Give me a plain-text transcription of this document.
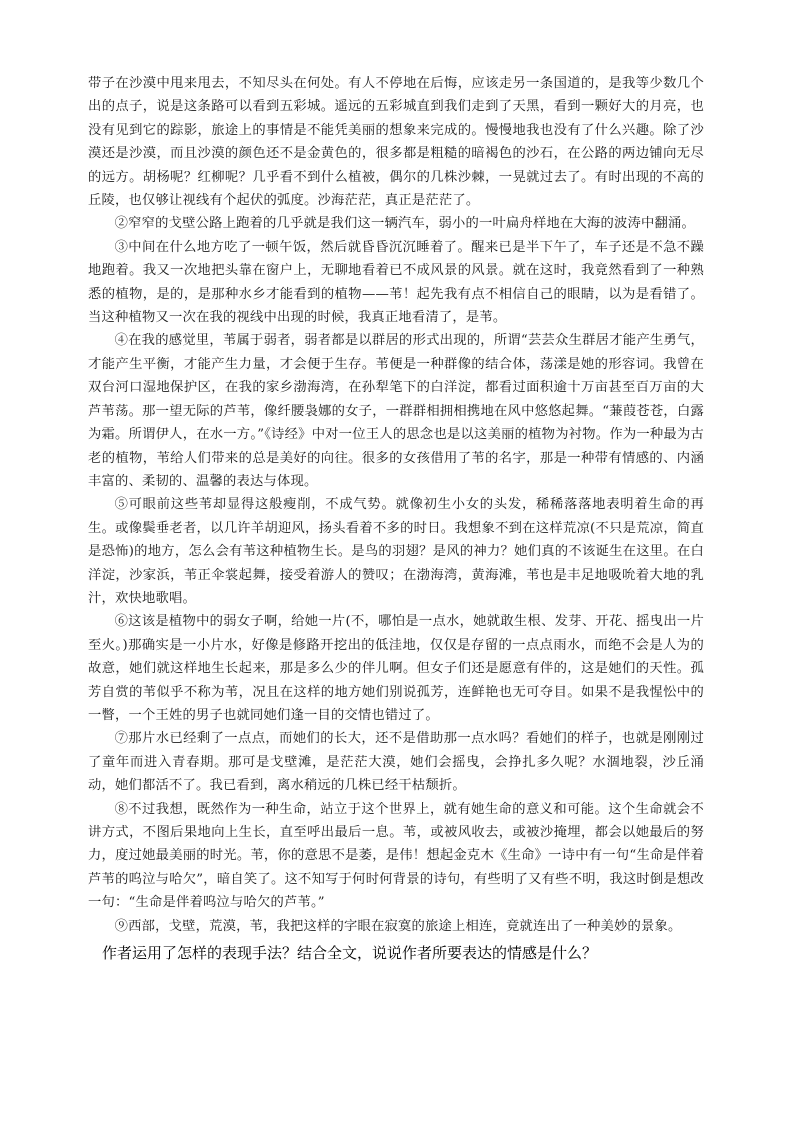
带子在沙漠中甩来甩去，不知尽头在何处。有人不停地在后悔，应该走另一条国道的，是我等少数几个出的点子，说是这条路可以看到五彩城。遥远的五彩城直到我们走到了天黑，看到一颗好大的月亮，也没有见到它的踪影，旅途上的事情是不能凭美丽的想象来完成的。慢慢地我也没有了什么兴趣。除了沙漠还是沙漠，而且沙漠的颜色还不是金黄色的，很多都是粗糙的暗褐色的沙石，在公路的两边铺向无尽的远方。胡杨呢？红柳呢？几乎看不到什么植被，偶尔的几株沙棘，一晃就过去了。有时出现的不高的丘陵，也仅够让视线有个起伏的弧度。沙海茫茫，真正是茫茫了。

②窄窄的戈壁公路上跑着的几乎就是我们这一辆汽车，弱小的一叶扁舟样地在大海的波涛中翻涌。

③中间在什么地方吃了一顿午饭，然后就昏昏沉沉睡着了。醒来已是半下午了，车子还是不急不躁地跑着。我又一次地把头靠在窗户上，无聊地看着已不成风景的风景。就在这时，我竟然看到了一种熟悉的植物，是的，是那种水乡才能看到的植物——苇！起先我有点不相信自己的眼睛，以为是看错了。当这种植物又一次在我的视线中出现的时候，我真正地看清了，是苇。

④在我的感觉里，苇属于弱者，弱者都是以群居的形式出现的，所谓“芸芸众生群居才能产生勇气，才能产生平衡，才能产生力量，才会便于生存。苇便是一种群像的结合体，荡漾是她的形容词。我曾在双台河口湿地保护区，在我的家乡渤海湾，在孙犁笔下的白洋淀，都看过面积逾十万亩甚至百万亩的大芦苇荡。那一望无际的芦苇，像纤腰袅娜的女子，一群群相拥相携地在风中悠悠起舞。“蒹葭苍苍，白露为霜。所谓伊人，在水一方。”《诗经》中对一位王人的思念也是以这美丽的植物为衬物。作为一种最为古老的植物，苇给人们带来的总是美好的向往。很多的女孩借用了苇的名字，那是一种带有情感的、内涵丰富的、柔韧的、温馨的表达与体现。

⑤可眼前这些苇却显得这般瘦削，不成气势。就像初生小女的头发，稀稀落落地表明着生命的再生。或像鬓垂老者，以几许羊胡迎风，扬头看着不多的时日。我想象不到在这样荒凉(不只是荒凉，简直是恐怖)的地方，怎么会有苇这种植物生长。是鸟的羽翅？是风的神力？她们真的不该诞生在这里。在白洋淀，沙家浜，苇正伞裳起舞，接受着游人的赞叹；在渤海湾，黄海滩，苇也是丰足地吸吮着大地的乳汁，欢快地歌唱。

⑥这该是植物中的弱女子啊，给她一片(不，哪怕是一点水，她就敢生根、发芽、开花、摇曳出一片至火。)那确实是一小片水，好像是修路开挖出的低洼地，仅仅是存留的一点点雨水，而绝不会是人为的故意，她们就这样地生长起来，那是多么少的伴儿啊。但女子们还是愿意有伴的，这是她们的天性。孤芳自赏的苇似乎不称为苇，况且在这样的地方她们别说孤芳，连鲜艳也无可夺目。如果不是我惺忪中的一瞥，一个王姓的男子也就同她们逢一目的交情也错过了。

⑦那片水已经剩了一点点，而她们的长大，还不是借助那一点水吗？看她们的样子，也就是刚刚过了童年而进入青春期。那可是戈壁滩，是茫茫大漠，她们会摇曳，会挣扎多久呢？水涸地裂，沙丘涌动，她们都活不了。我已看到，离水稍远的几株已经干枯颓折。

⑧不过我想，既然作为一种生命，站立于这个世界上，就有她生命的意义和可能。这个生命就会不讲方式，不图后果地向上生长，直至呼出最后一息。苇，或被风收去，或被沙掩埋，都会以她最后的努力，度过她最美丽的时光。苇，你的意思不是萎，是伟！想起金克木《生命》一诗中有一句“生命是伴着芦苇的呜泣与哈欠”，暗自笑了。这不知写于何时何背景的诗句，有些明了又有些不明，我这时倒是想改一句：“生命是伴着呜泣与哈欠的芦苇。”

⑨西部，戈壁，荒漠，苇，我把这样的字眼在寂寞的旅途上相连，竟就连出了一种美妙的景象。

作者运用了怎样的表现手法？结合全文，说说作者所要表达的情感是什么？
